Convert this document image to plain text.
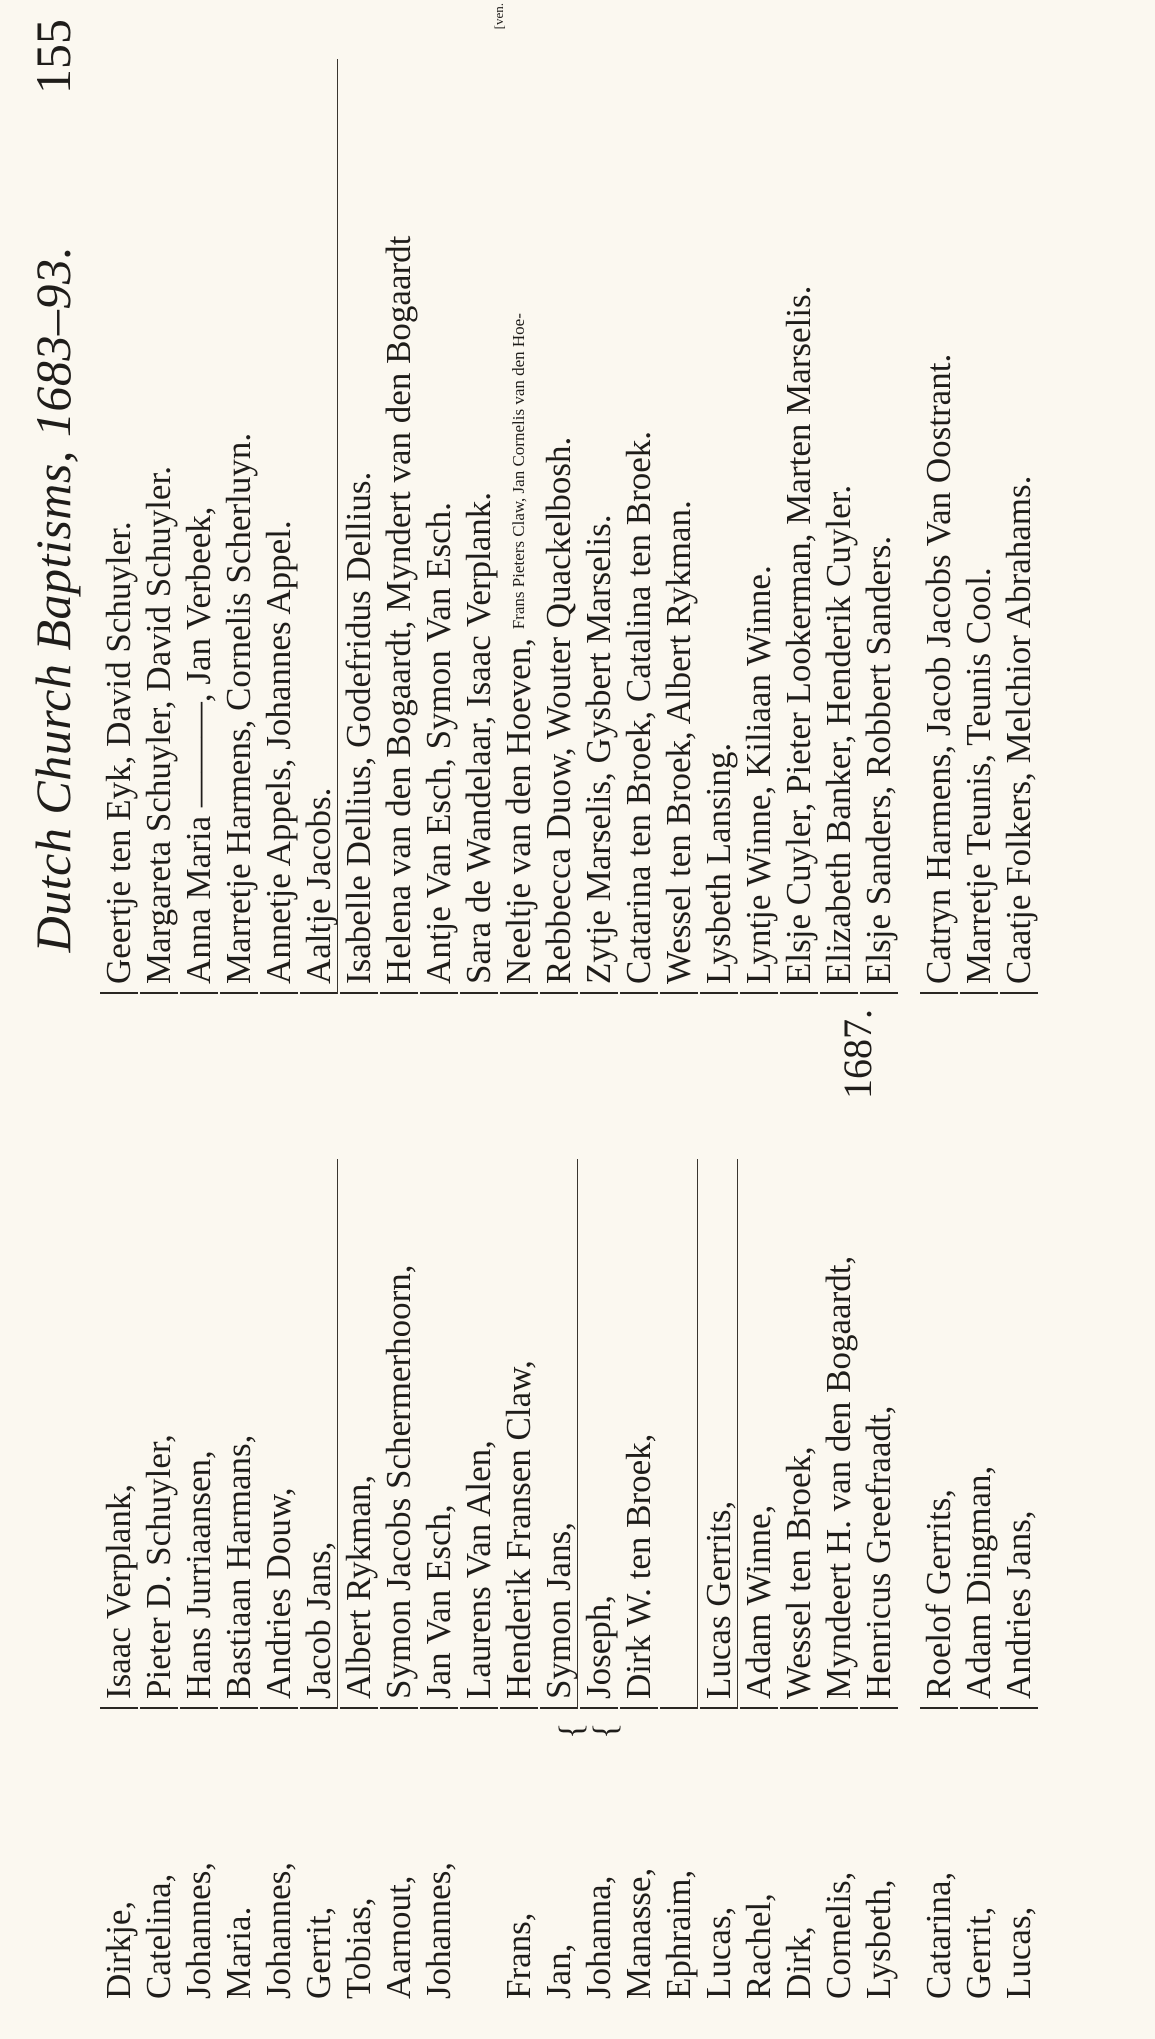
Dutch Church Baptisms, 1683–93.
155
Dirkje,
Isaac Verplank,
Geertje ten Eyk, David Schuyler.
Catelina,
Pieter D. Schuyler,
Margareta Schuyler, David Schuyler.
Johannes,
Hans Jurriaansen,
Anna Maria ———, Jan Verbeek,
Maria.
Bastiaan Harmans,
Marretje Harmens, Cornelis Scherluyn.
Johannes,
Andries Douw,
Annetje Appels, Johannes Appel.
Gerrit,
Jacob Jans,
Aaltje Jacobs.
Tobias,
Albert Rykman,
Isabelle Dellius, Godefridus Dellius.
Aarnout,
Symon Jacobs Schermerhoorn,
Helena van den Bogaardt, Myndert van den Bogaardt
Johannes,
Jan Van Esch,
Antje Van Esch, Symon Van Esch.
Laurens Van Alen,
Sara de Wandelaar, Isaac Verplank.
Frans,
Henderik Fransen Claw,
Neeltje van den Hoeven, Frans Pieters Claw, Jan Cornelis van den Hoe-
[ven.
Jan,
Symon Jans,
Rebbecca Duow, Wouter Quackelbosh.
Johanna,
Joseph,
Zytje Marselis, Gysbert Marselis.
Manasse,
Dirk W. ten Broek,
Catarina ten Broek, Catalina ten Broek.
Ephraim,
Wessel ten Broek, Albert Rykman.
Lucas,
Lucas Gerrits,
Lysbeth Lansing.
Rachel,
Adam Winne,
Lyntje Winne, Kiliaan Winne.
Dirk,
Wessel ten Broek,
Elsje Cuyler, Pieter Lookerman, Marten Marselis.
Cornelis,
Myndeert H. van den Bogaardt,
Elizabeth Banker, Henderik Cuyler.
Lysbeth,
Henricus Greefraadt,
Elsje Sanders, Robbert Sanders.
1687.
Catarina,
Roelof Gerrits,
Catryn Harmens, Jacob Jacobs Van Oostrant.
Gerrit,
Adam Dingman,
Marretje Teunis, Teunis Cool.
Lucas,
Andries Jans,
Caatje Folkers, Melchior Abrahams.
{
{
